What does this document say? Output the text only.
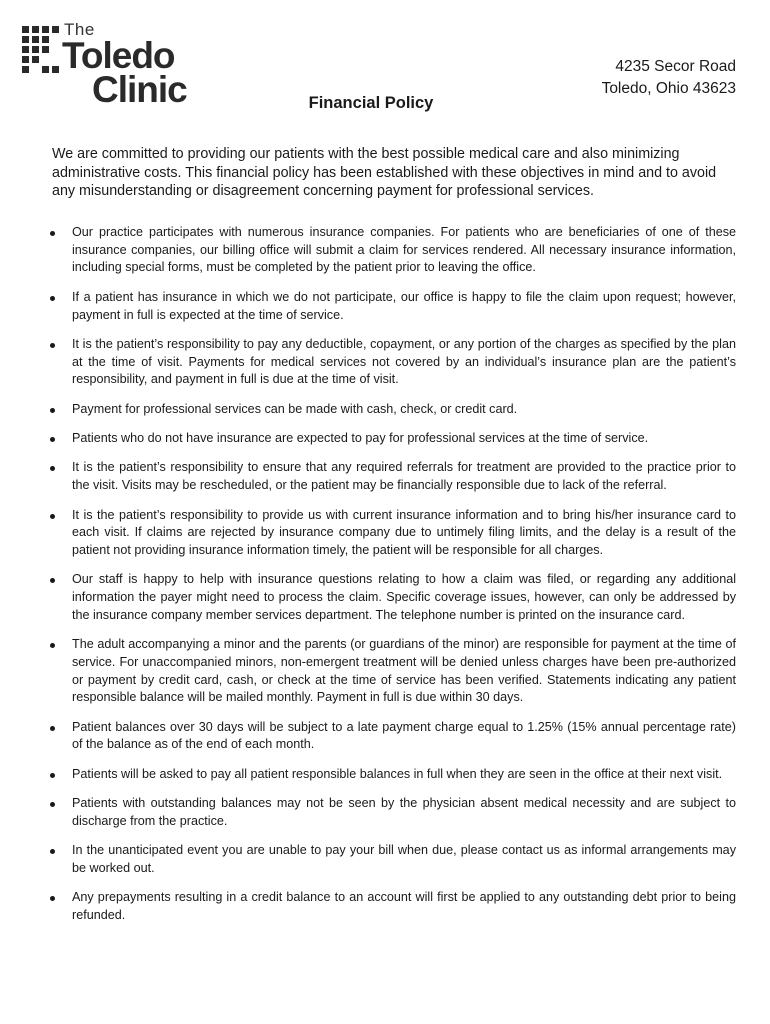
The
Toledo
Clinic
4235 Secor Road
Toledo, Ohio 43623
Financial Policy

We are committed to providing our patients with the best possible medical care and also minimizing administrative costs. This financial policy has been established with these objectives in mind and to avoid any misunderstanding or disagreement concerning payment for professional services.

Our practice participates with numerous insurance companies. For patients who are beneficiaries of one of these insurance companies, our billing office will submit a claim for services rendered. All necessary insurance information, including special forms, must be completed by the patient prior to leaving the office.
If a patient has insurance in which we do not participate, our office is happy to file the claim upon request; however, payment in full is expected at the time of service.
It is the patient’s responsibility to pay any deductible, copayment, or any portion of the charges as specified by the plan at the time of visit. Payments for medical services not covered by an individual’s insurance plan are the patient’s responsibility, and payment in full is due at the time of visit.
Payment for professional services can be made with cash, check, or credit card.
Patients who do not have insurance are expected to pay for professional services at the time of service.
It is the patient’s responsibility to ensure that any required referrals for treatment are provided to the practice prior to the visit. Visits may be rescheduled, or the patient may be financially responsible due to lack of the referral.
It is the patient’s responsibility to provide us with current insurance information and to bring his/her insurance card to each visit. If claims are rejected by insurance company due to untimely filing limits, and the delay is a result of the patient not providing insurance information timely, the patient will be responsible for all charges.
Our staff is happy to help with insurance questions relating to how a claim was filed, or regarding any additional information the payer might need to process the claim. Specific coverage issues, however, can only be addressed by the insurance company member services department. The telephone number is printed on the insurance card.
The adult accompanying a minor and the parents (or guardians of the minor) are responsible for payment at the time of service. For unaccompanied minors, non-emergent treatment will be denied unless charges have been pre-authorized or payment by credit card, cash, or check at the time of service has been verified. Statements indicating any patient responsible balance will be mailed monthly. Payment in full is due within 30 days.
Patient balances over 30 days will be subject to a late payment charge equal to 1.25% (15% annual percentage rate) of the balance as of the end of each month.
Patients will be asked to pay all patient responsible balances in full when they are seen in the office at their next visit.
Patients with outstanding balances may not be seen by the physician absent medical necessity and are subject to discharge from the practice.
In the unanticipated event you are unable to pay your bill when due, please contact us as informal arrangements may be worked out.
Any prepayments resulting in a credit balance to an account will first be applied to any outstanding debt prior to being refunded.
